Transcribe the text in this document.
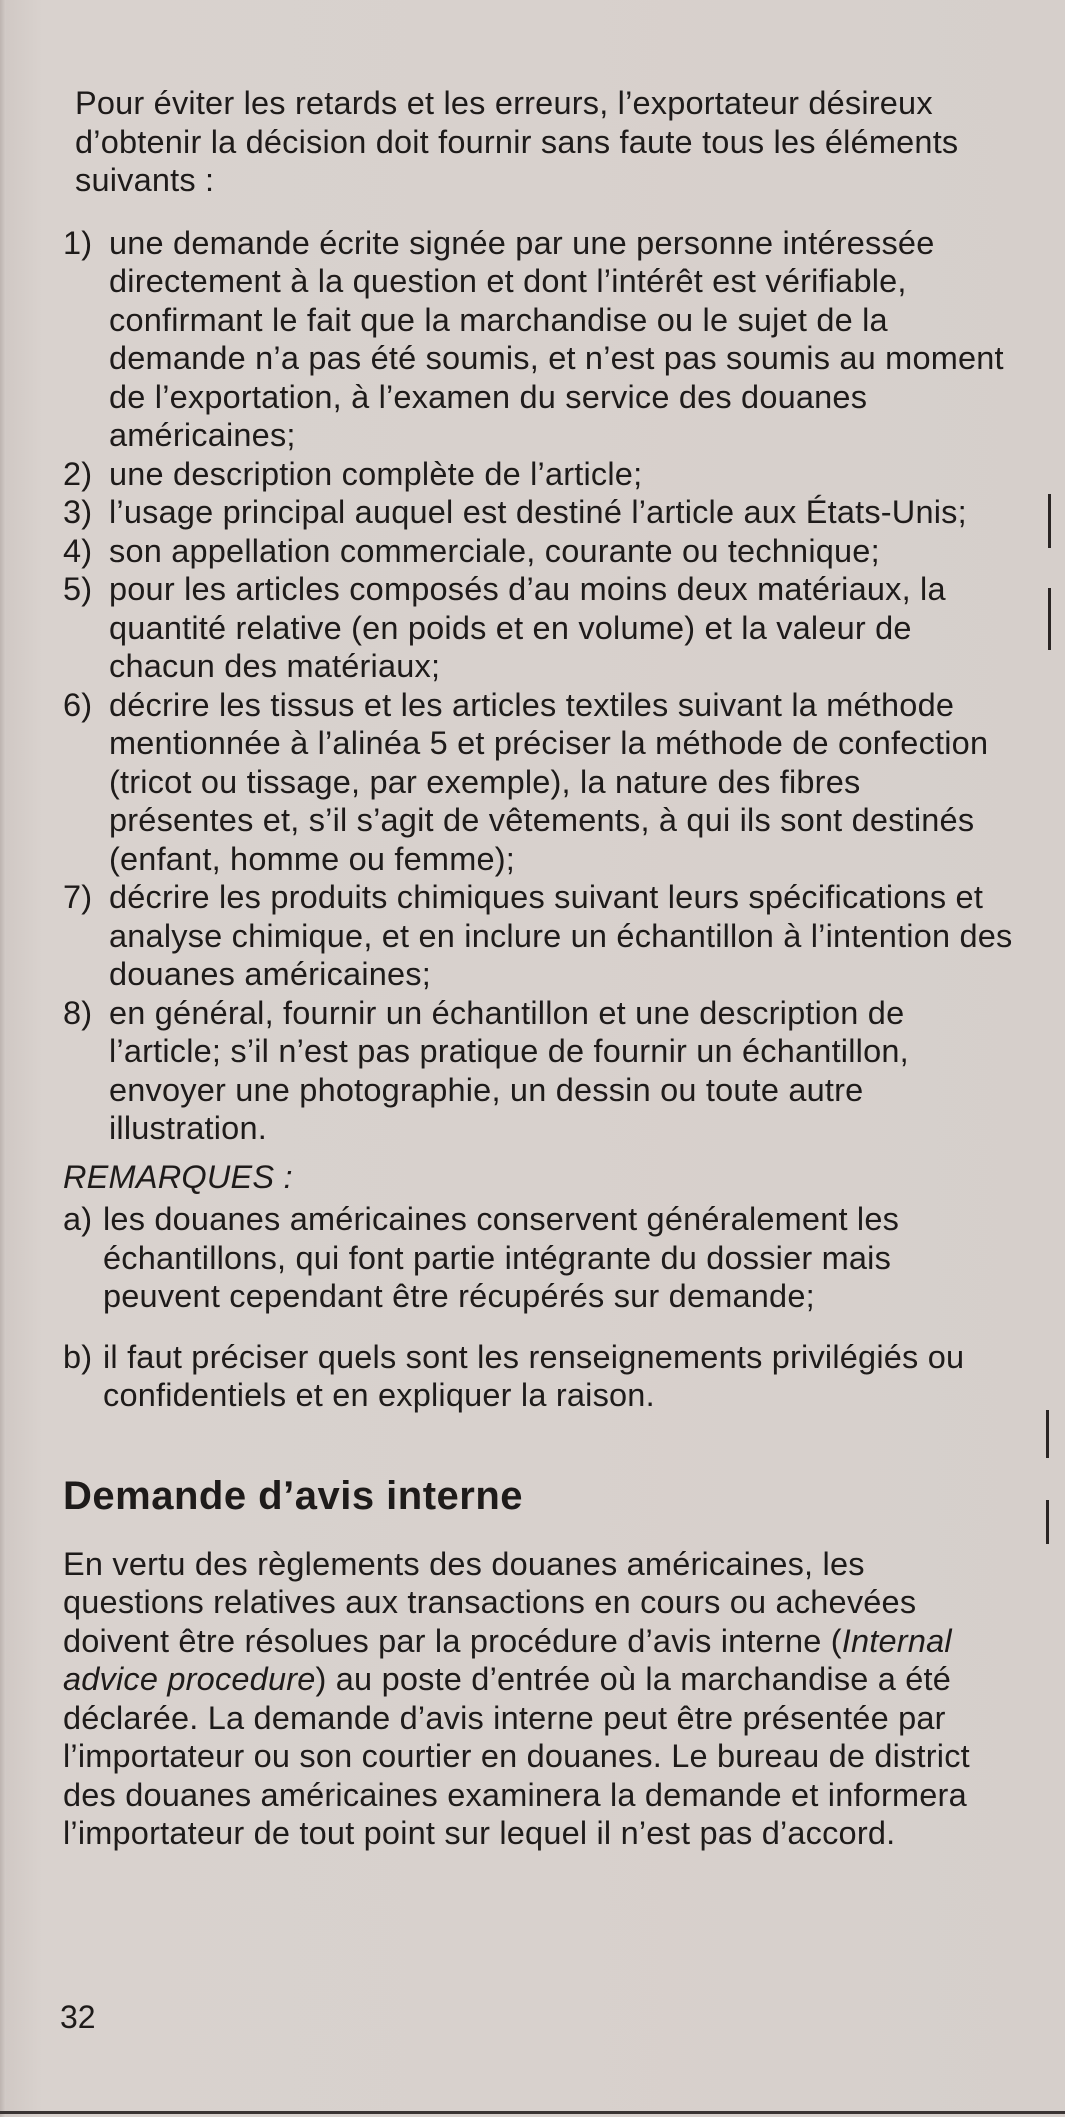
Pour éviter les retards et les erreurs, l’exportateur désireux d’obtenir la décision doit fournir sans faute tous les éléments suivants :

1) une demande écrite signée par une personne intéressée directement à la question et dont l’intérêt est vérifiable, confirmant le fait que la marchandise ou le sujet de la demande n’a pas été soumis, et n’est pas soumis au moment de l’exportation, à l’examen du service des douanes américaines;
2) une description complète de l’article;
3) l’usage principal auquel est destiné l’article aux États-Unis;
4) son appellation commerciale, courante ou technique;
5) pour les articles composés d’au moins deux matériaux, la quantité relative (en poids et en volume) et la valeur de chacun des matériaux;
6) décrire les tissus et les articles textiles suivant la méthode mentionnée à l’alinéa 5 et préciser la méthode de confection (tricot ou tissage, par exemple), la nature des fibres présentes et, s’il s’agit de vêtements, à qui ils sont destinés (enfant, homme ou femme);
7) décrire les produits chimiques suivant leurs spécifications et analyse chimique, et en inclure un échantillon à l’intention des douanes américaines;
8) en général, fournir un échantillon et une description de l’article; s’il n’est pas pratique de fournir un échantillon, envoyer une photographie, un dessin ou toute autre illustration.
REMARQUES :
a) les douanes américaines conservent généralement les échantillons, qui font partie intégrante du dossier mais peuvent cependant être récupérés sur demande;
b) il faut préciser quels sont les renseignements privilégiés ou confidentiels et en expliquer la raison.
Demande d’avis interne

En vertu des règlements des douanes américaines, les questions relatives aux transactions en cours ou achevées doivent être résolues par la procédure d’avis interne (Internal advice procedure) au poste d’entrée où la marchandise a été déclarée. La demande d’avis interne peut être présentée par l’importateur ou son courtier en douanes. Le bureau de district des douanes américaines examinera la demande et informera l’importateur de tout point sur lequel il n’est pas d’accord.

32
